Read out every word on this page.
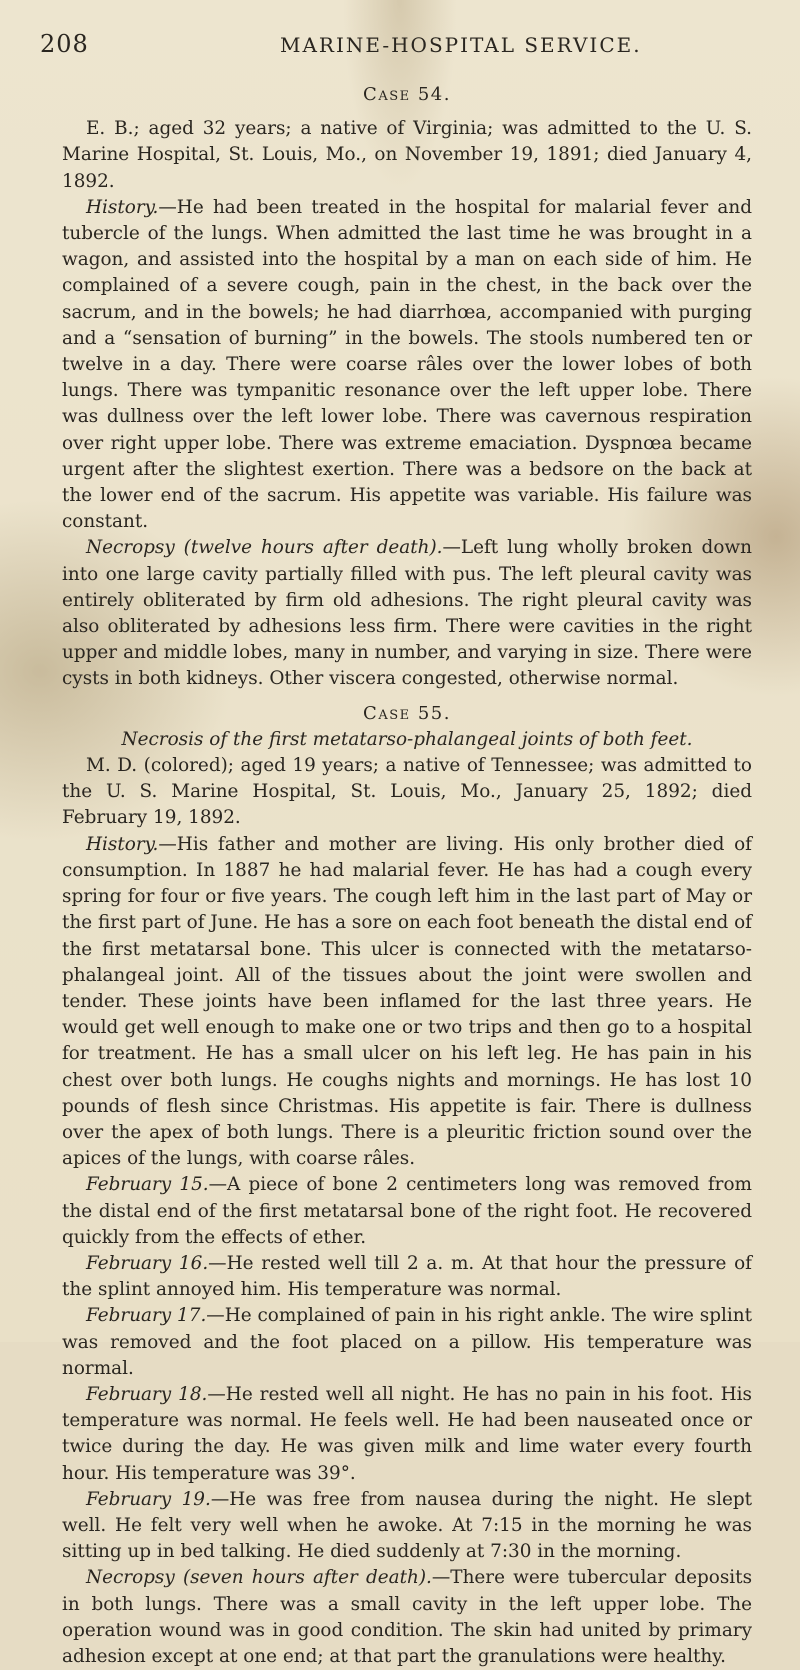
208	MARINE-HOSPITAL SERVICE.

Case 54.

E. B.; aged 32 years; a native of Virginia; was admitted to the U. S. Marine Hospital, St. Louis, Mo., on November 19, 1891; died January 4, 1892.

History.—He had been treated in the hospital for malarial fever and tubercle of the lungs. When admitted the last time he was brought in a wagon, and assisted into the hospital by a man on each side of him. He complained of a severe cough, pain in the chest, in the back over the sacrum, and in the bowels; he had diarrhœa, accompanied with purging and a “sensation of burning” in the bowels. The stools numbered ten or twelve in a day. There were coarse râles over the lower lobes of both lungs. There was tympanitic resonance over the left upper lobe. There was dullness over the left lower lobe. There was cavernous respiration over right upper lobe. There was extreme emaciation. Dyspnœa became urgent after the slightest exertion. There was a bedsore on the back at the lower end of the sacrum. His appetite was variable. His failure was constant.

Necropsy (twelve hours after death).—Left lung wholly broken down into one large cavity partially filled with pus. The left pleural cavity was entirely obliterated by firm old adhesions. The right pleural cavity was also obliterated by adhesions less firm. There were cavities in the right upper and middle lobes, many in number, and varying in size. There were cysts in both kidneys. Other viscera congested, otherwise normal.

Case 55.

Necrosis of the first metatarso-phalangeal joints of both feet.

M. D. (colored); aged 19 years; a native of Tennessee; was admitted to the U. S. Marine Hospital, St. Louis, Mo., January 25, 1892; died February 19, 1892.

History.—His father and mother are living. His only brother died of consumption. In 1887 he had malarial fever. He has had a cough every spring for four or five years. The cough left him in the last part of May or the first part of June. He has a sore on each foot beneath the distal end of the first metatarsal bone. This ulcer is connected with the metatarso-phalangeal joint. All of the tissues about the joint were swollen and tender. These joints have been inflamed for the last three years. He would get well enough to make one or two trips and then go to a hospital for treatment. He has a small ulcer on his left leg. He has pain in his chest over both lungs. He coughs nights and mornings. He has lost 10 pounds of flesh since Christmas. His appetite is fair. There is dullness over the apex of both lungs. There is a pleuritic friction sound over the apices of the lungs, with coarse râles.

February 15.—A piece of bone 2 centimeters long was removed from the distal end of the first metatarsal bone of the right foot. He recovered quickly from the effects of ether.

February 16.—He rested well till 2 a. m. At that hour the pressure of the splint annoyed him. His temperature was normal.

February 17.—He complained of pain in his right ankle. The wire splint was removed and the foot placed on a pillow. His temperature was normal.

February 18.—He rested well all night. He has no pain in his foot. His temperature was normal. He feels well. He had been nauseated once or twice during the day. He was given milk and lime water every fourth hour. His temperature was 39°.

February 19.—He was free from nausea during the night. He slept well. He felt very well when he awoke. At 7:15 in the morning he was sitting up in bed talking. He died suddenly at 7:30 in the morning.

Necropsy (seven hours after death).—There were tubercular deposits in both lungs. There was a small cavity in the left upper lobe. The operation wound was in good condition. The skin had united by primary adhesion except at one end; at that part the granulations were healthy.
